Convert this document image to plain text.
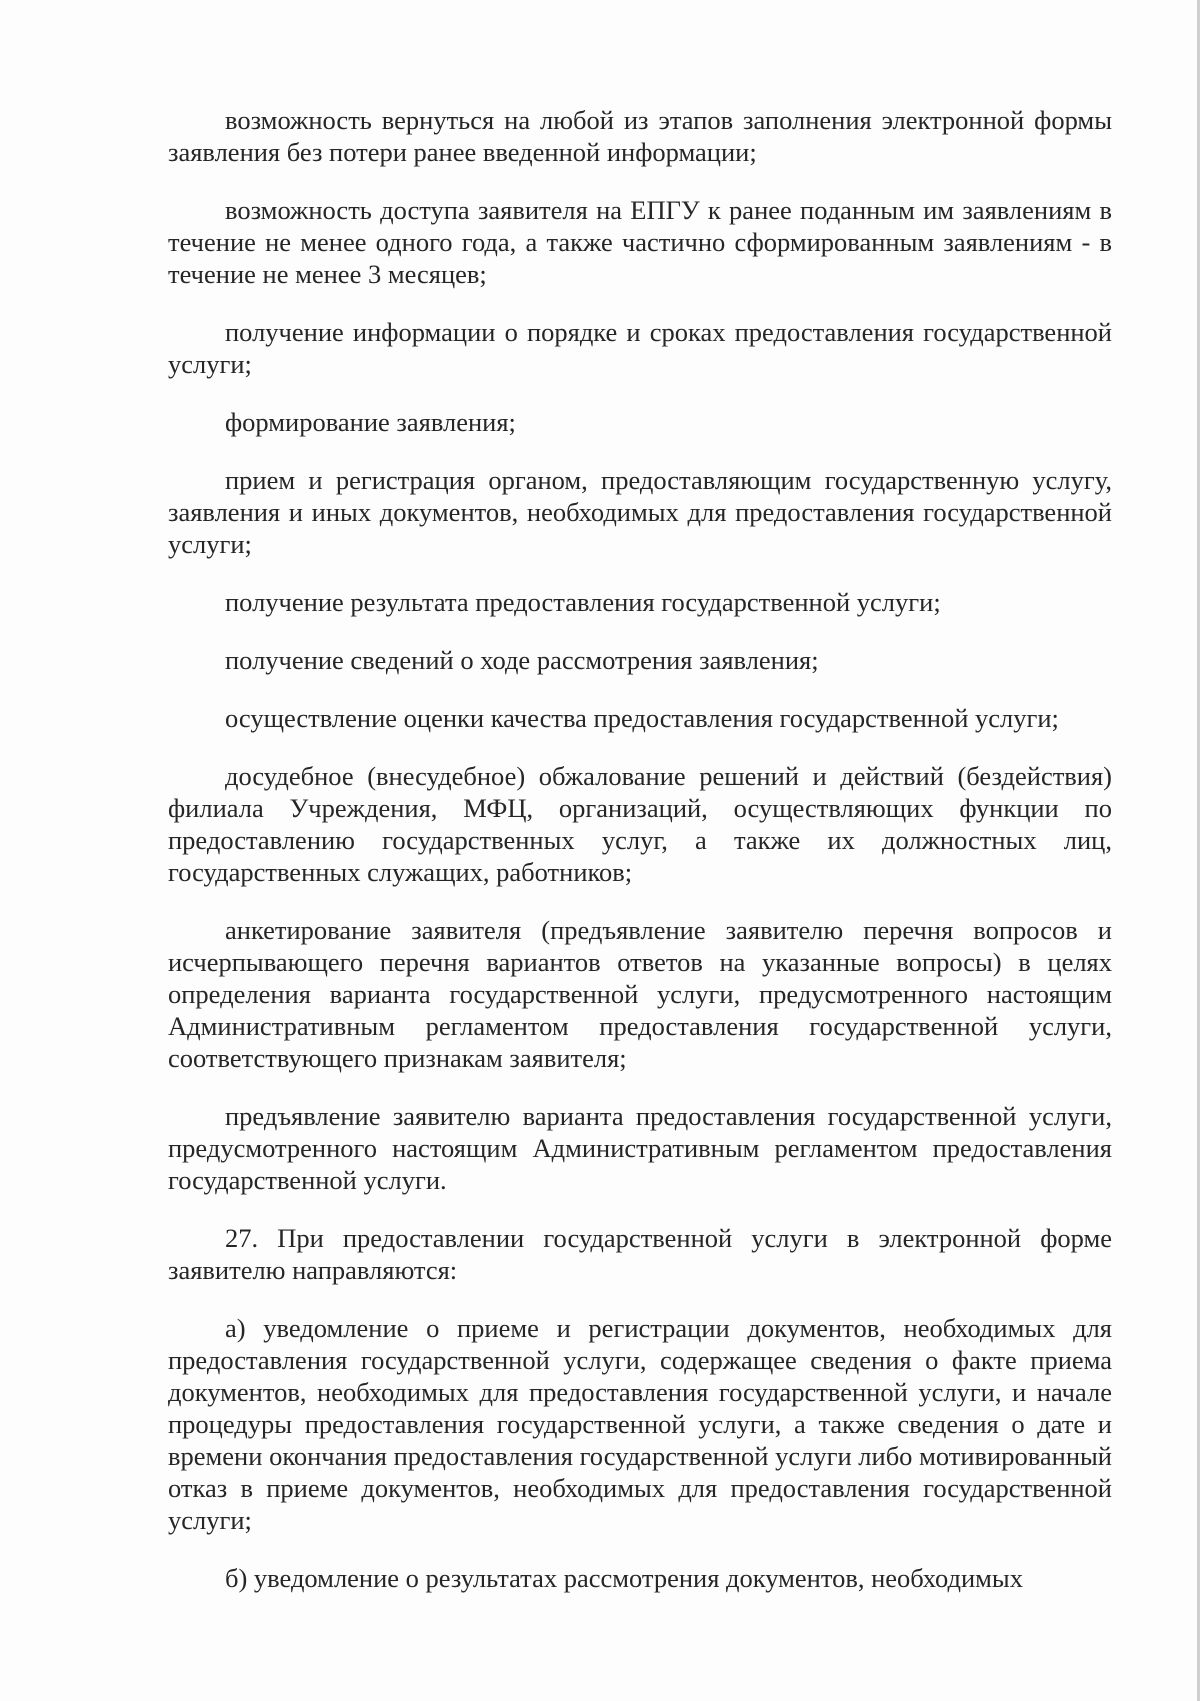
возможность вернуться на любой из этапов заполнения электронной формы заявления без потери ранее введенной информации;

возможность доступа заявителя на ЕПГУ к ранее поданным им заявлениям в течение не менее одного года, а также частично сформированным заявлениям - в течение не менее 3 месяцев;

получение информации о порядке и сроках предоставления государственной услуги;

формирование заявления;

прием и регистрация органом, предоставляющим государственную услугу, заявления и иных документов, необходимых для предоставления государственной услуги;

получение результата предоставления государственной услуги;

получение сведений о ходе рассмотрения заявления;

осуществление оценки качества предоставления государственной услуги;

досудебное (внесудебное) обжалование решений и действий (бездействия) филиала Учреждения, МФЦ, организаций, осуществляющих функции по предоставлению государственных услуг, а также их должностных лиц, государственных служащих, работников;

анкетирование заявителя (предъявление заявителю перечня вопросов и исчерпывающего перечня вариантов ответов на указанные вопросы) в целях определения варианта государственной услуги, предусмотренного настоящим Административным регламентом предоставления государственной услуги, соответствующего признакам заявителя;

предъявление заявителю варианта предоставления государственной услуги, предусмотренного настоящим Административным регламентом предоставления государственной услуги.

27. При предоставлении государственной услуги в электронной форме заявителю направляются:

а) уведомление о приеме и регистрации документов, необходимых для предоставления государственной услуги, содержащее сведения о факте приема документов, необходимых для предоставления государственной услуги, и начале процедуры предоставления государственной услуги, а также сведения о дате и времени окончания предоставления государственной услуги либо мотивированный отказ в приеме документов, необходимых для предоставления государственной услуги;

б) уведомление о результатах рассмотрения документов, необходимых
